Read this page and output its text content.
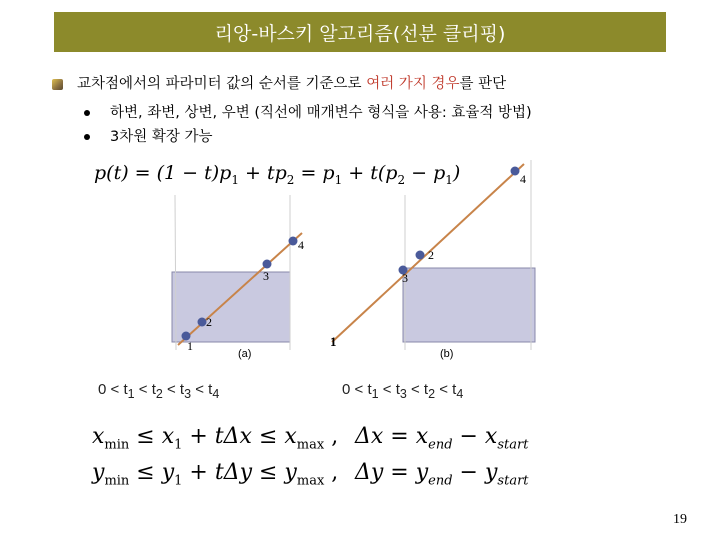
리앙-바스키 알고리즘(선분 클리핑)
교차점에서의 파라미터 값의 순서를 기준으로 여러 가지 경우를 판단
하변, 좌변, 상변, 우변 (직선에 매개변수 형식을 사용: 효율적 방법)
3차원 확장 가능
1
2
3
4
(a)
1
3
2
4
(b)
$p(t) = (1 - t)p_1 + tp_2 = p_1 + t(p_2 - p_1)$
$0 < t_1 < t_2 < t_3 < t_4$	$0 < t_1 < t_3 < t_2 < t_4$
$x_{min} \le x_1 + t\Delta x \le x_{max}$ , $\Delta x = x_{end} - x_{start}$
$y_{min} \le y_1 + t\Delta y \le y_{max}$ , $\Delta y = y_{end} - y_{start}$
19
